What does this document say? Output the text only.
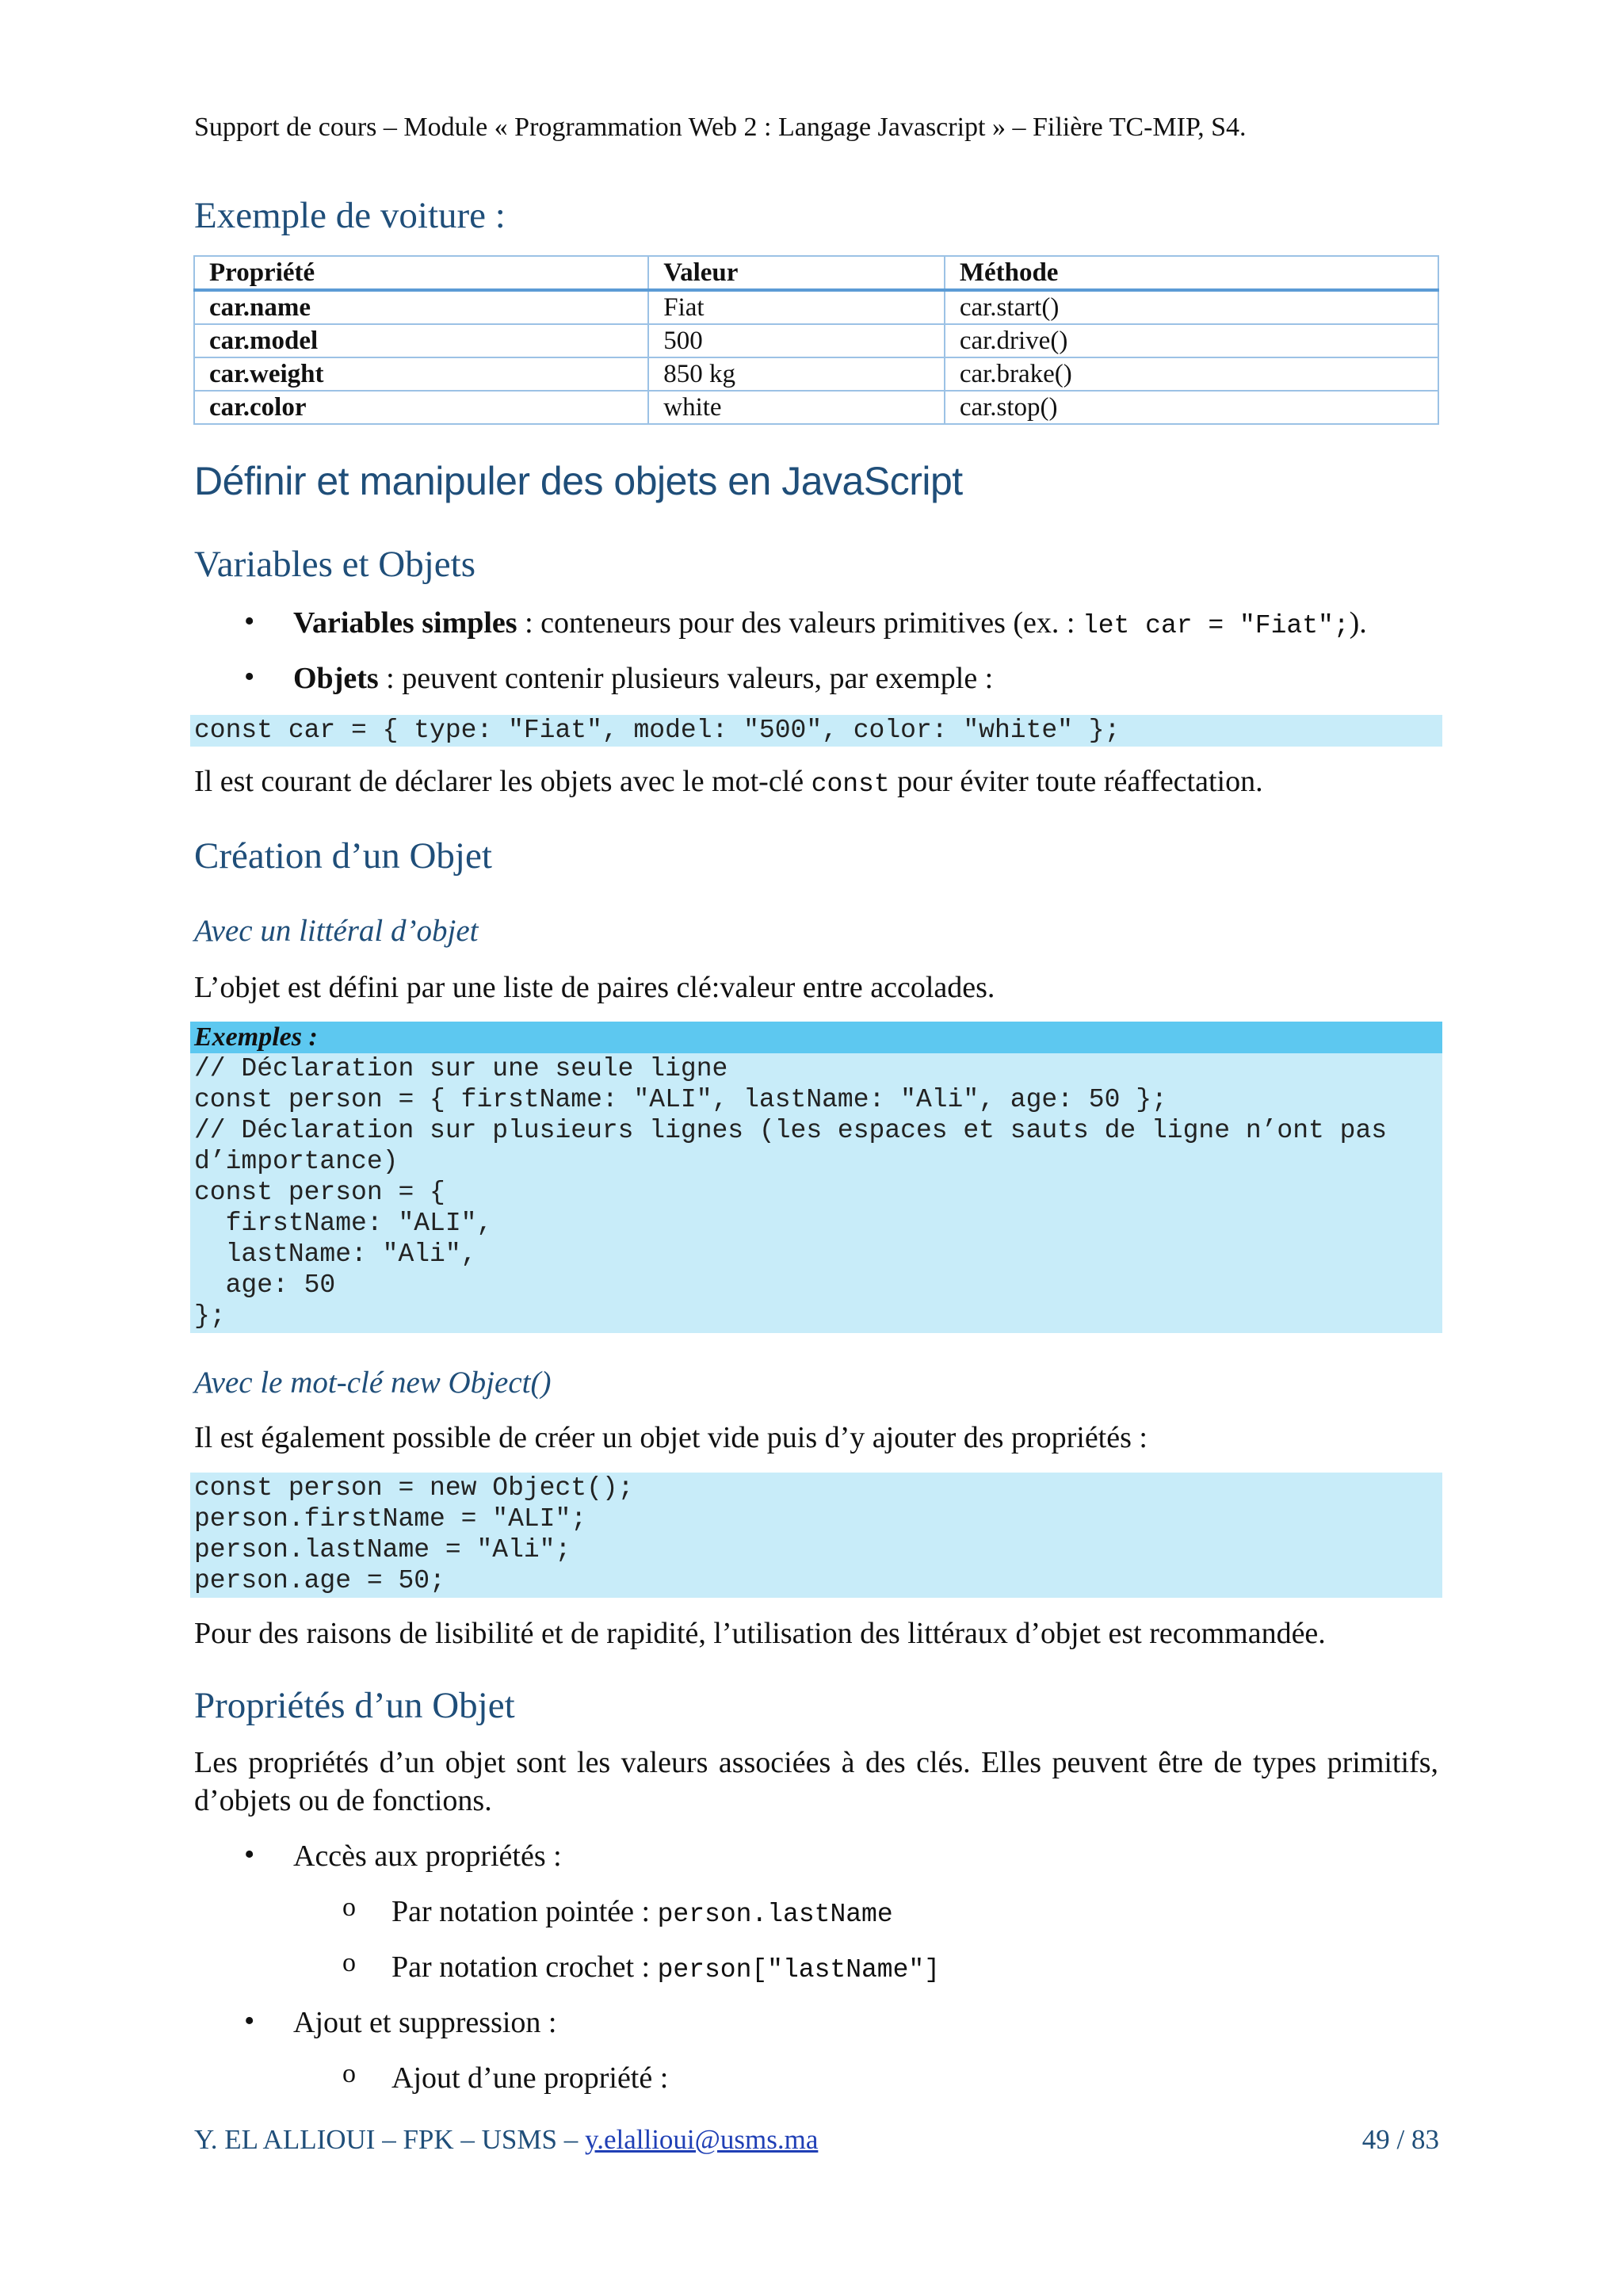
Support de cours – Module « Programmation Web 2 : Langage Javascript » – Filière TC-MIP, S4.
Exemple de voiture :
Propriété	Valeur	Méthode
car.name	Fiat	car.start()
car.model	500	car.drive()
car.weight	850 kg	car.brake()
car.color	white	car.stop()
Définir et manipuler des objets en JavaScript
Variables et Objets
• Variables simples : conteneurs pour des valeurs primitives (ex. : let car = "Fiat";).
• Objets : peuvent contenir plusieurs valeurs, par exemple :
const car = { type: "Fiat", model: "500", color: "white" };
Il est courant de déclarer les objets avec le mot-clé const pour éviter toute réaffectation.
Création d’un Objet
Avec un littéral d’objet
L’objet est défini par une liste de paires clé:valeur entre accolades.
Exemples :
// Déclaration sur une seule ligne
const person = { firstName: "ALI", lastName: "Ali", age: 50 };
// Déclaration sur plusieurs lignes (les espaces et sauts de ligne n’ont pas
d’importance)
const person = {
firstName: "ALI",
lastName: "Ali",
age: 50
};
Avec le mot-clé new Object()
Il est également possible de créer un objet vide puis d’y ajouter des propriétés :
const person = new Object();
person.firstName = "ALI";
person.lastName = "Ali";
person.age = 50;
Pour des raisons de lisibilité et de rapidité, l’utilisation des littéraux d’objet est recommandée.
Propriétés d’un Objet
Les propriétés d’un objet sont les valeurs associées à des clés. Elles peuvent être de types primitifs, d’objets ou de fonctions.
• Accès aux propriétés :
o Par notation pointée : person.lastName
o Par notation crochet : person["lastName"]
• Ajout et suppression :
o Ajout d’une propriété :
Y. EL ALLIOUI – FPK – USMS – y.elallioui@usms.ma	49 / 83
